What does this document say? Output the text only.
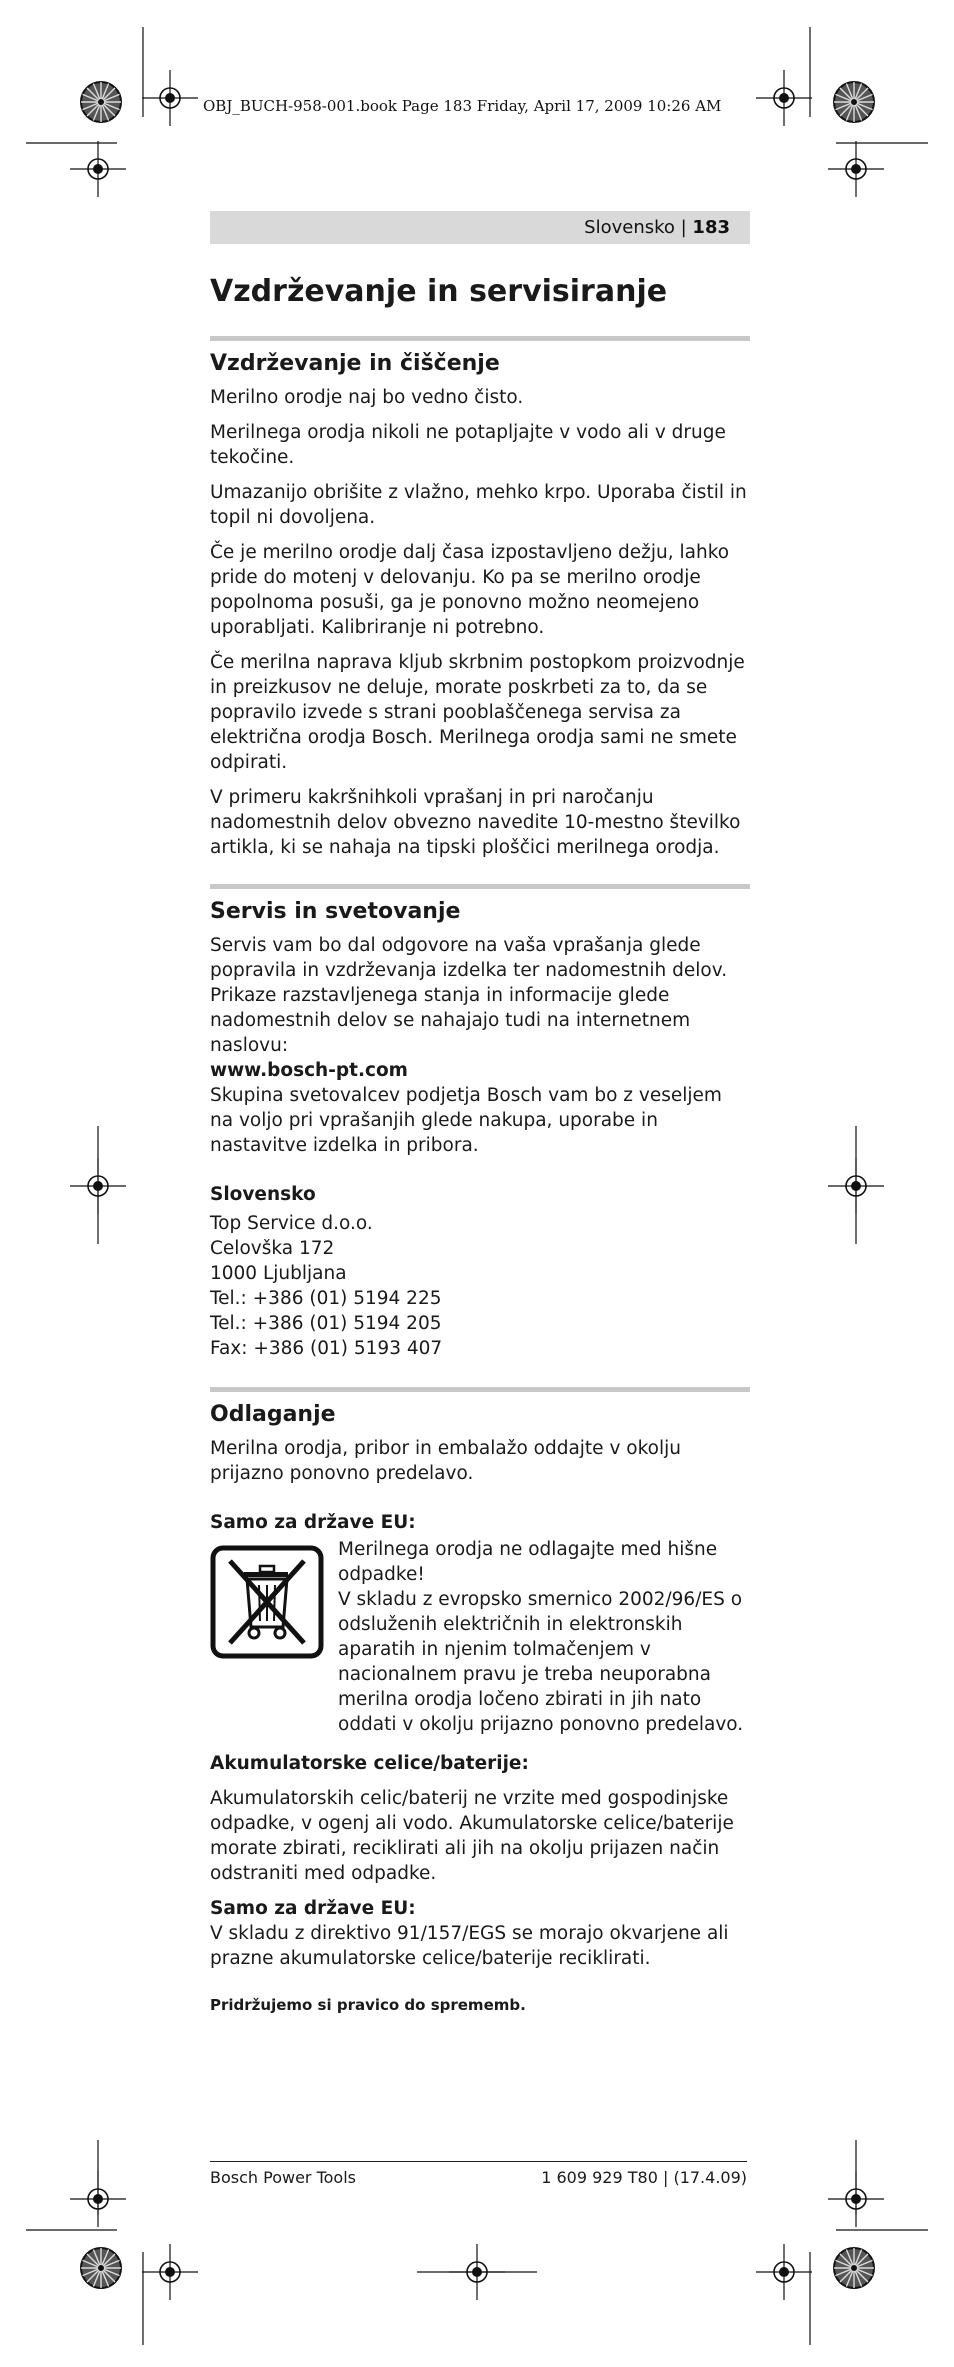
OBJ_BUCH-958-001.book Page 183 Friday, April 17, 2009 10:26 AM
Slovensko | 183
Vzdrževanje in servisiranje
Vzdrževanje in čiščenje

Merilno orodje naj bo vedno čisto.

Merilnega orodja nikoli ne potapljajte v vodo ali v druge tekočine.

Umazanijo obrišite z vlažno, mehko krpo. Uporaba čistil in topil ni dovoljena.

Če je merilno orodje dalj časa izpostavljeno dežju, lahko pride do motenj v delovanju. Ko pa se merilno orodje popolnoma posuši, ga je ponovno možno neomejeno uporabljati. Kalibriranje ni potrebno.

Če merilna naprava kljub skrbnim postopkom proizvodnje in preizkusov ne deluje, morate poskrbeti za to, da se popravilo izvede s strani pooblaščenega servisa za električna orodja Bosch. Merilnega orodja sami ne smete odpirati.

V primeru kakršnihkoli vprašanj in pri naročanju nadomestnih delov obvezno navedite 10-mestno številko artikla, ki se nahaja na tipski ploščici merilnega orodja.

Servis in svetovanje
Servis vam bo dal odgovore na vaša vprašanja glede popravila in vzdrževanja izdelka ter nadomestnih delov. Prikaze razstavljenega stanja in informacije glede nadomestnih delov se nahajajo tudi na internetnem naslovu:
www.bosch-pt.com

Skupina svetovalcev podjetja Bosch vam bo z veseljem na voljo pri vprašanjih glede nakupa, uporabe in nastavitve izdelka in pribora.

Slovensko
Top Service d.o.o.
Celovška 172
1000 Ljubljana
Tel.: +386 (01) 5194 225
Tel.: +386 (01) 5194 205
Fax: +386 (01) 5193 407
Odlaganje

Merilna orodja, pribor in embalažo oddajte v okolju prijazno ponovno predelavo.

Samo za države EU:
Merilnega orodja ne odlagajte med hišne odpadke!
V skladu z evropsko smernico 2002/96/ES o odsluženih električnih in elektronskih aparatih in njenim tolmačenjem v nacionalnem pravu je treba neuporabna merilna orodja ločeno zbirati in jih nato oddati v okolju prijazno ponovno predelavo.
Akumulatorske celice/baterije:

Akumulatorskih celic/baterij ne vrzite med gospodinjske odpadke, v ogenj ali vodo. Akumulatorske celice/baterije morate zbirati, reciklirati ali jih na okolju prijazen način odstraniti med odpadke.

Samo za države EU:
V skladu z direktivo 91/157/EGS se morajo okvarjene ali prazne akumulatorske celice/baterije reciklirati.
Pridržujemo si pravico do sprememb.
Bosch Power Tools	1 609 929 T80 | (17.4.09)
